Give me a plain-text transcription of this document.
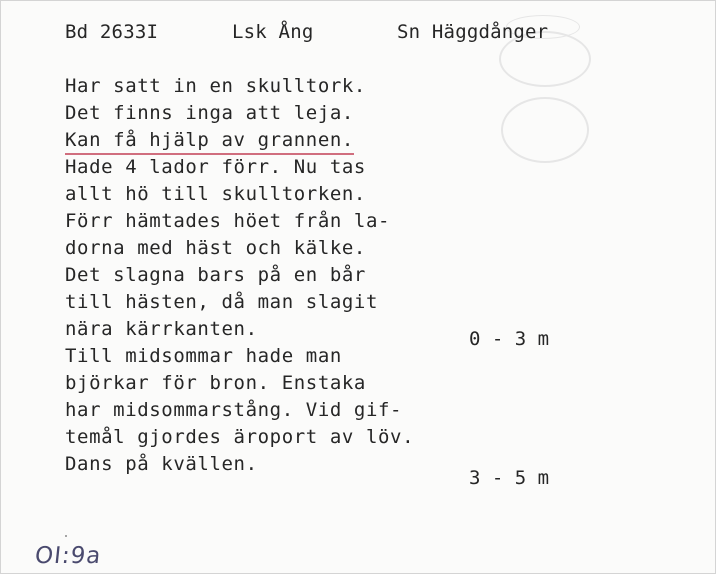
Bd 2633I	Lsk Ång	Sn Häggdånger
Har satt in en skulltork.
Det finns inga att leja.
Kan få hjälp av grannen.
Hade 4 lador förr. Nu tas
allt hö till skulltorken.
Förr hämtades höet från la-
dorna med häst och kälke.
Det slagna bars på en bår
till hästen, då man slagit
nära kärrkanten.
Till midsommar hade man
björkar för bron. Enstaka
har midsommarstång. Vid gif-
temål gjordes äroport av löv.
Dans på kvällen.
0 - 3 m
3 - 5 m
OI:9a
